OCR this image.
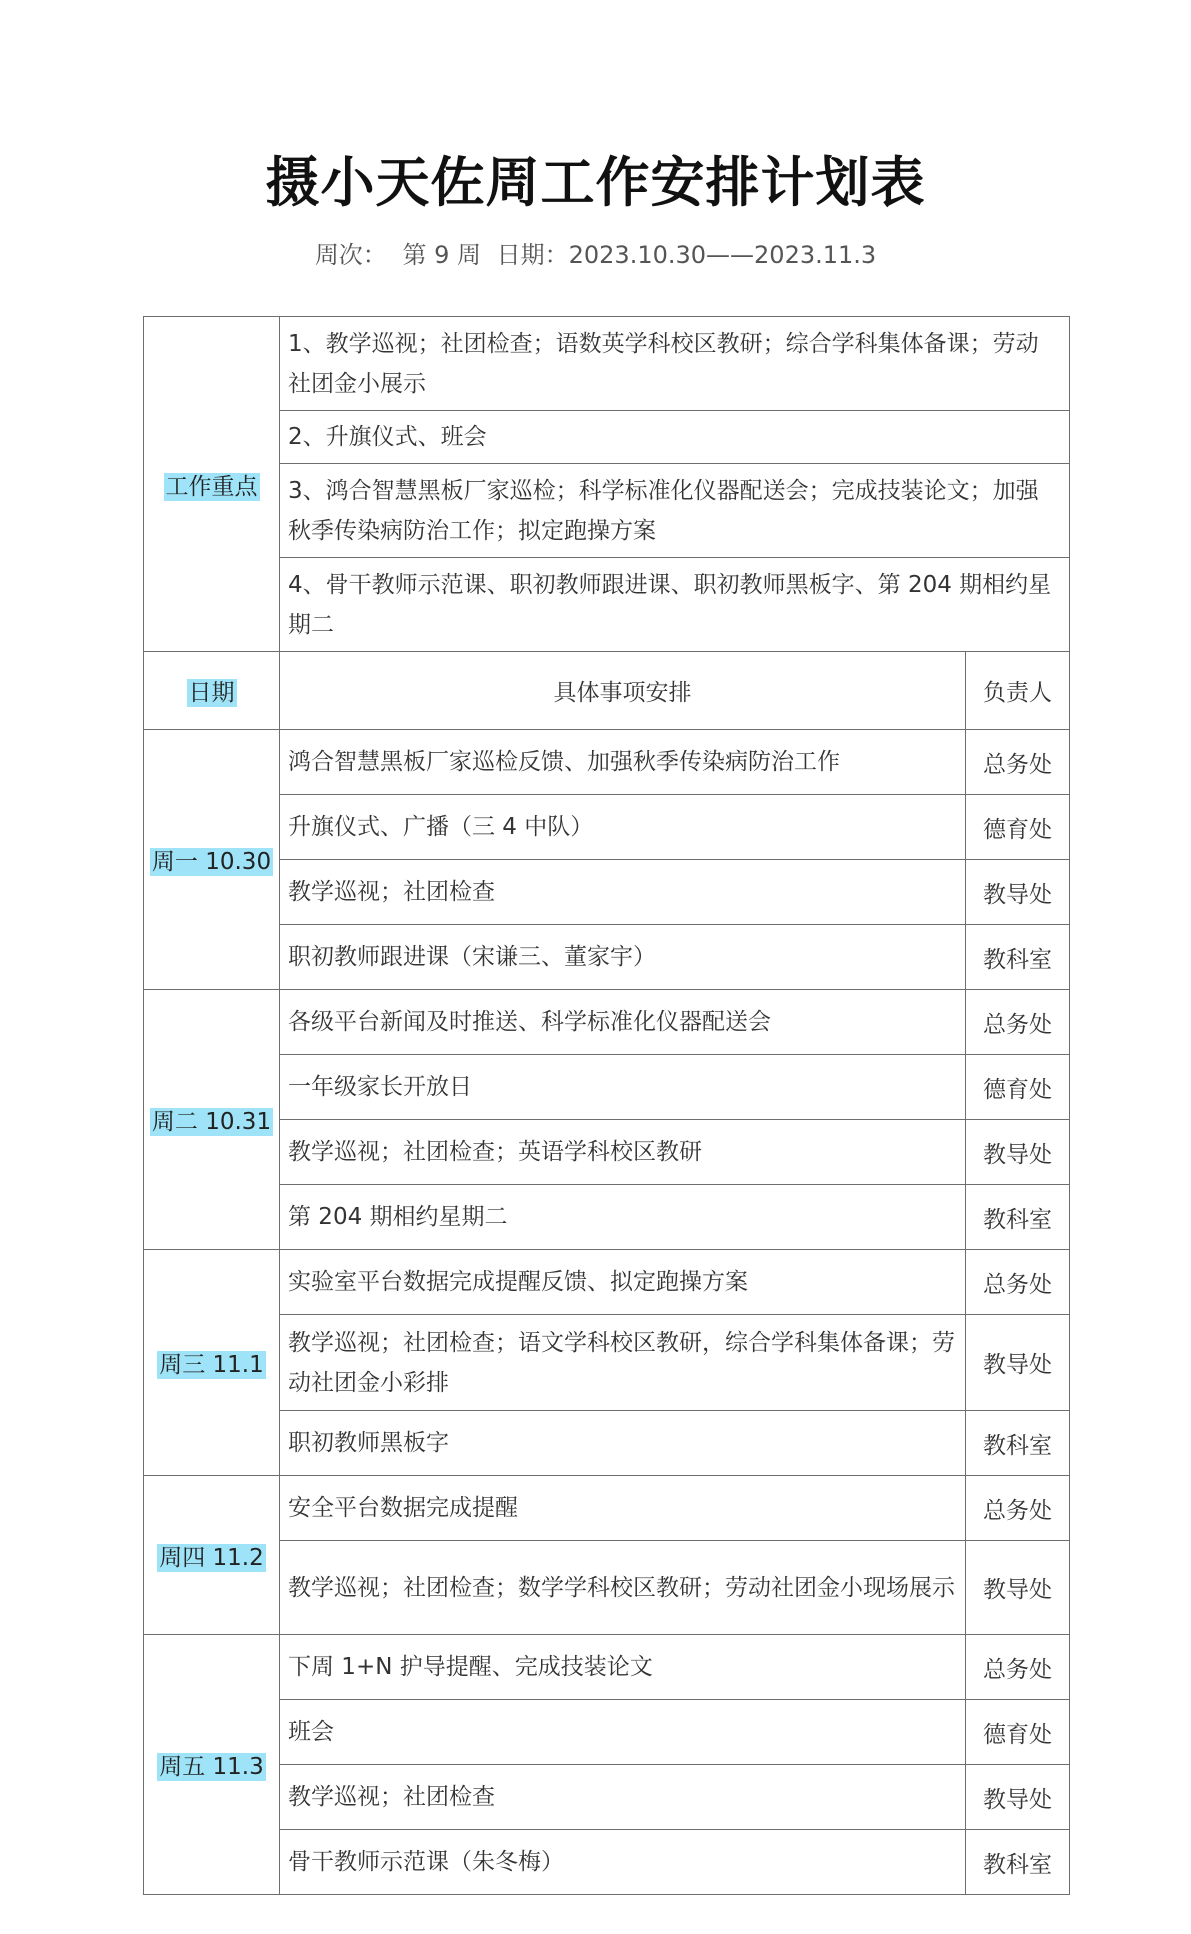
摄小天佐周工作安排计划表
周次： 第 9 周 日期：2023.10.30——2023.11.3
工作重点	1、教学巡视；社团检查；语数英学科校区教研；综合学科集体备课；劳动社团金小展示	
	2、升旗仪式、班会	
	3、鸿合智慧黑板厂家巡检；科学标准化仪器配送会；完成技装论文；加强秋季传染病防治工作；拟定跑操方案	
	4、骨干教师示范课、职初教师跟进课、职初教师黑板字、第 204 期相约星期二	
日期	具体事项安排	负责人
周一 10.30	鸿合智慧黑板厂家巡检反馈、加强秋季传染病防治工作	总务处
	升旗仪式、广播（三 4 中队）	德育处
	教学巡视；社团检查	教导处
	职初教师跟进课（宋谦三、董家宇）	教科室
周二 10.31	各级平台新闻及时推送、科学标准化仪器配送会	总务处
	一年级家长开放日	德育处
	教学巡视；社团检查；英语学科校区教研	教导处
	第 204 期相约星期二	教科室
周三 11.1	实验室平台数据完成提醒反馈、拟定跑操方案	总务处
	教学巡视；社团检查；语文学科校区教研，综合学科集体备课；劳动社团金小彩排	教导处
	职初教师黑板字	教科室
周四 11.2	安全平台数据完成提醒	总务处
	教学巡视；社团检查；数学学科校区教研；劳动社团金小现场展示	教导处
周五 11.3	下周 1+N 护导提醒、完成技装论文	总务处
	班会	德育处
	教学巡视；社团检查	教导处
	骨干教师示范课（朱冬梅）	教科室
